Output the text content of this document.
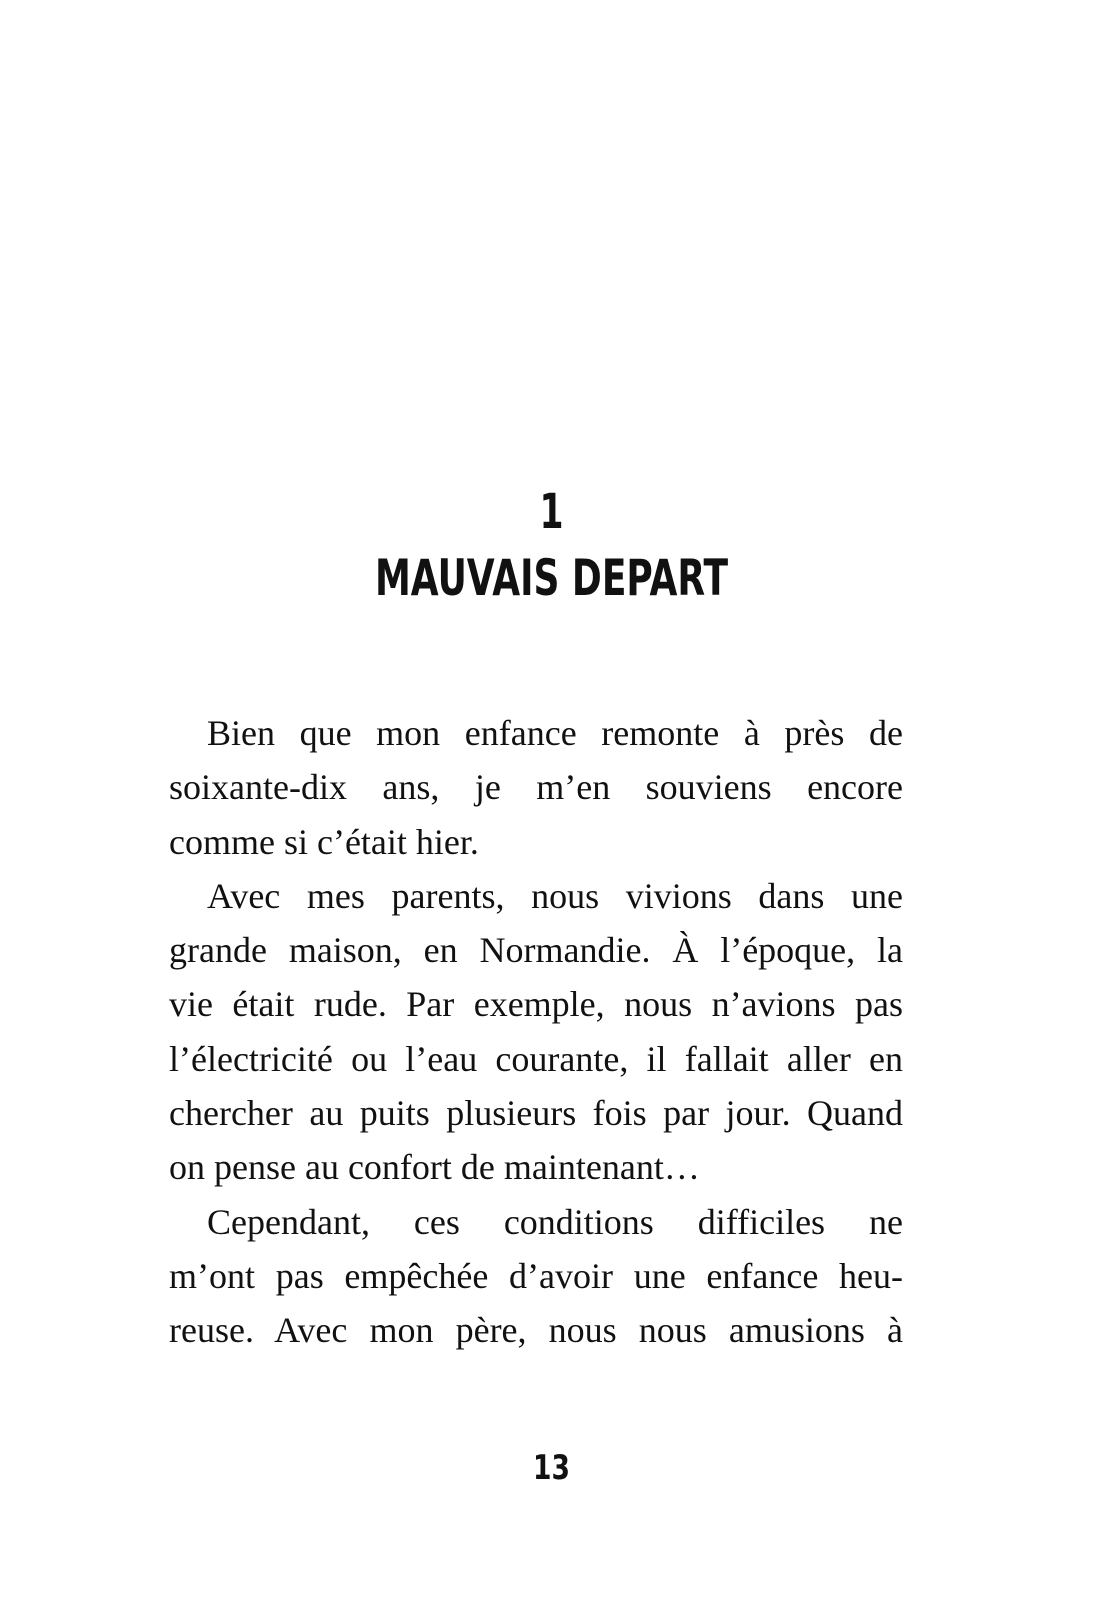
1
MAUVAIS DEPART
Bien que mon enfance remonte à près de
soixante-dix ans, je m’en souviens encore
comme si c’était hier.
Avec mes parents, nous vivions dans une
grande maison, en Normandie. À l’époque, la
vie était rude. Par exemple, nous n’avions pas
l’électricité ou l’eau courante, il fallait aller en
chercher au puits plusieurs fois par jour. Quand
on pense au confort de maintenant…
Cependant, ces conditions difficiles ne
m’ont pas empêchée d’avoir une enfance heu-
reuse. Avec mon père, nous nous amusions à
13
